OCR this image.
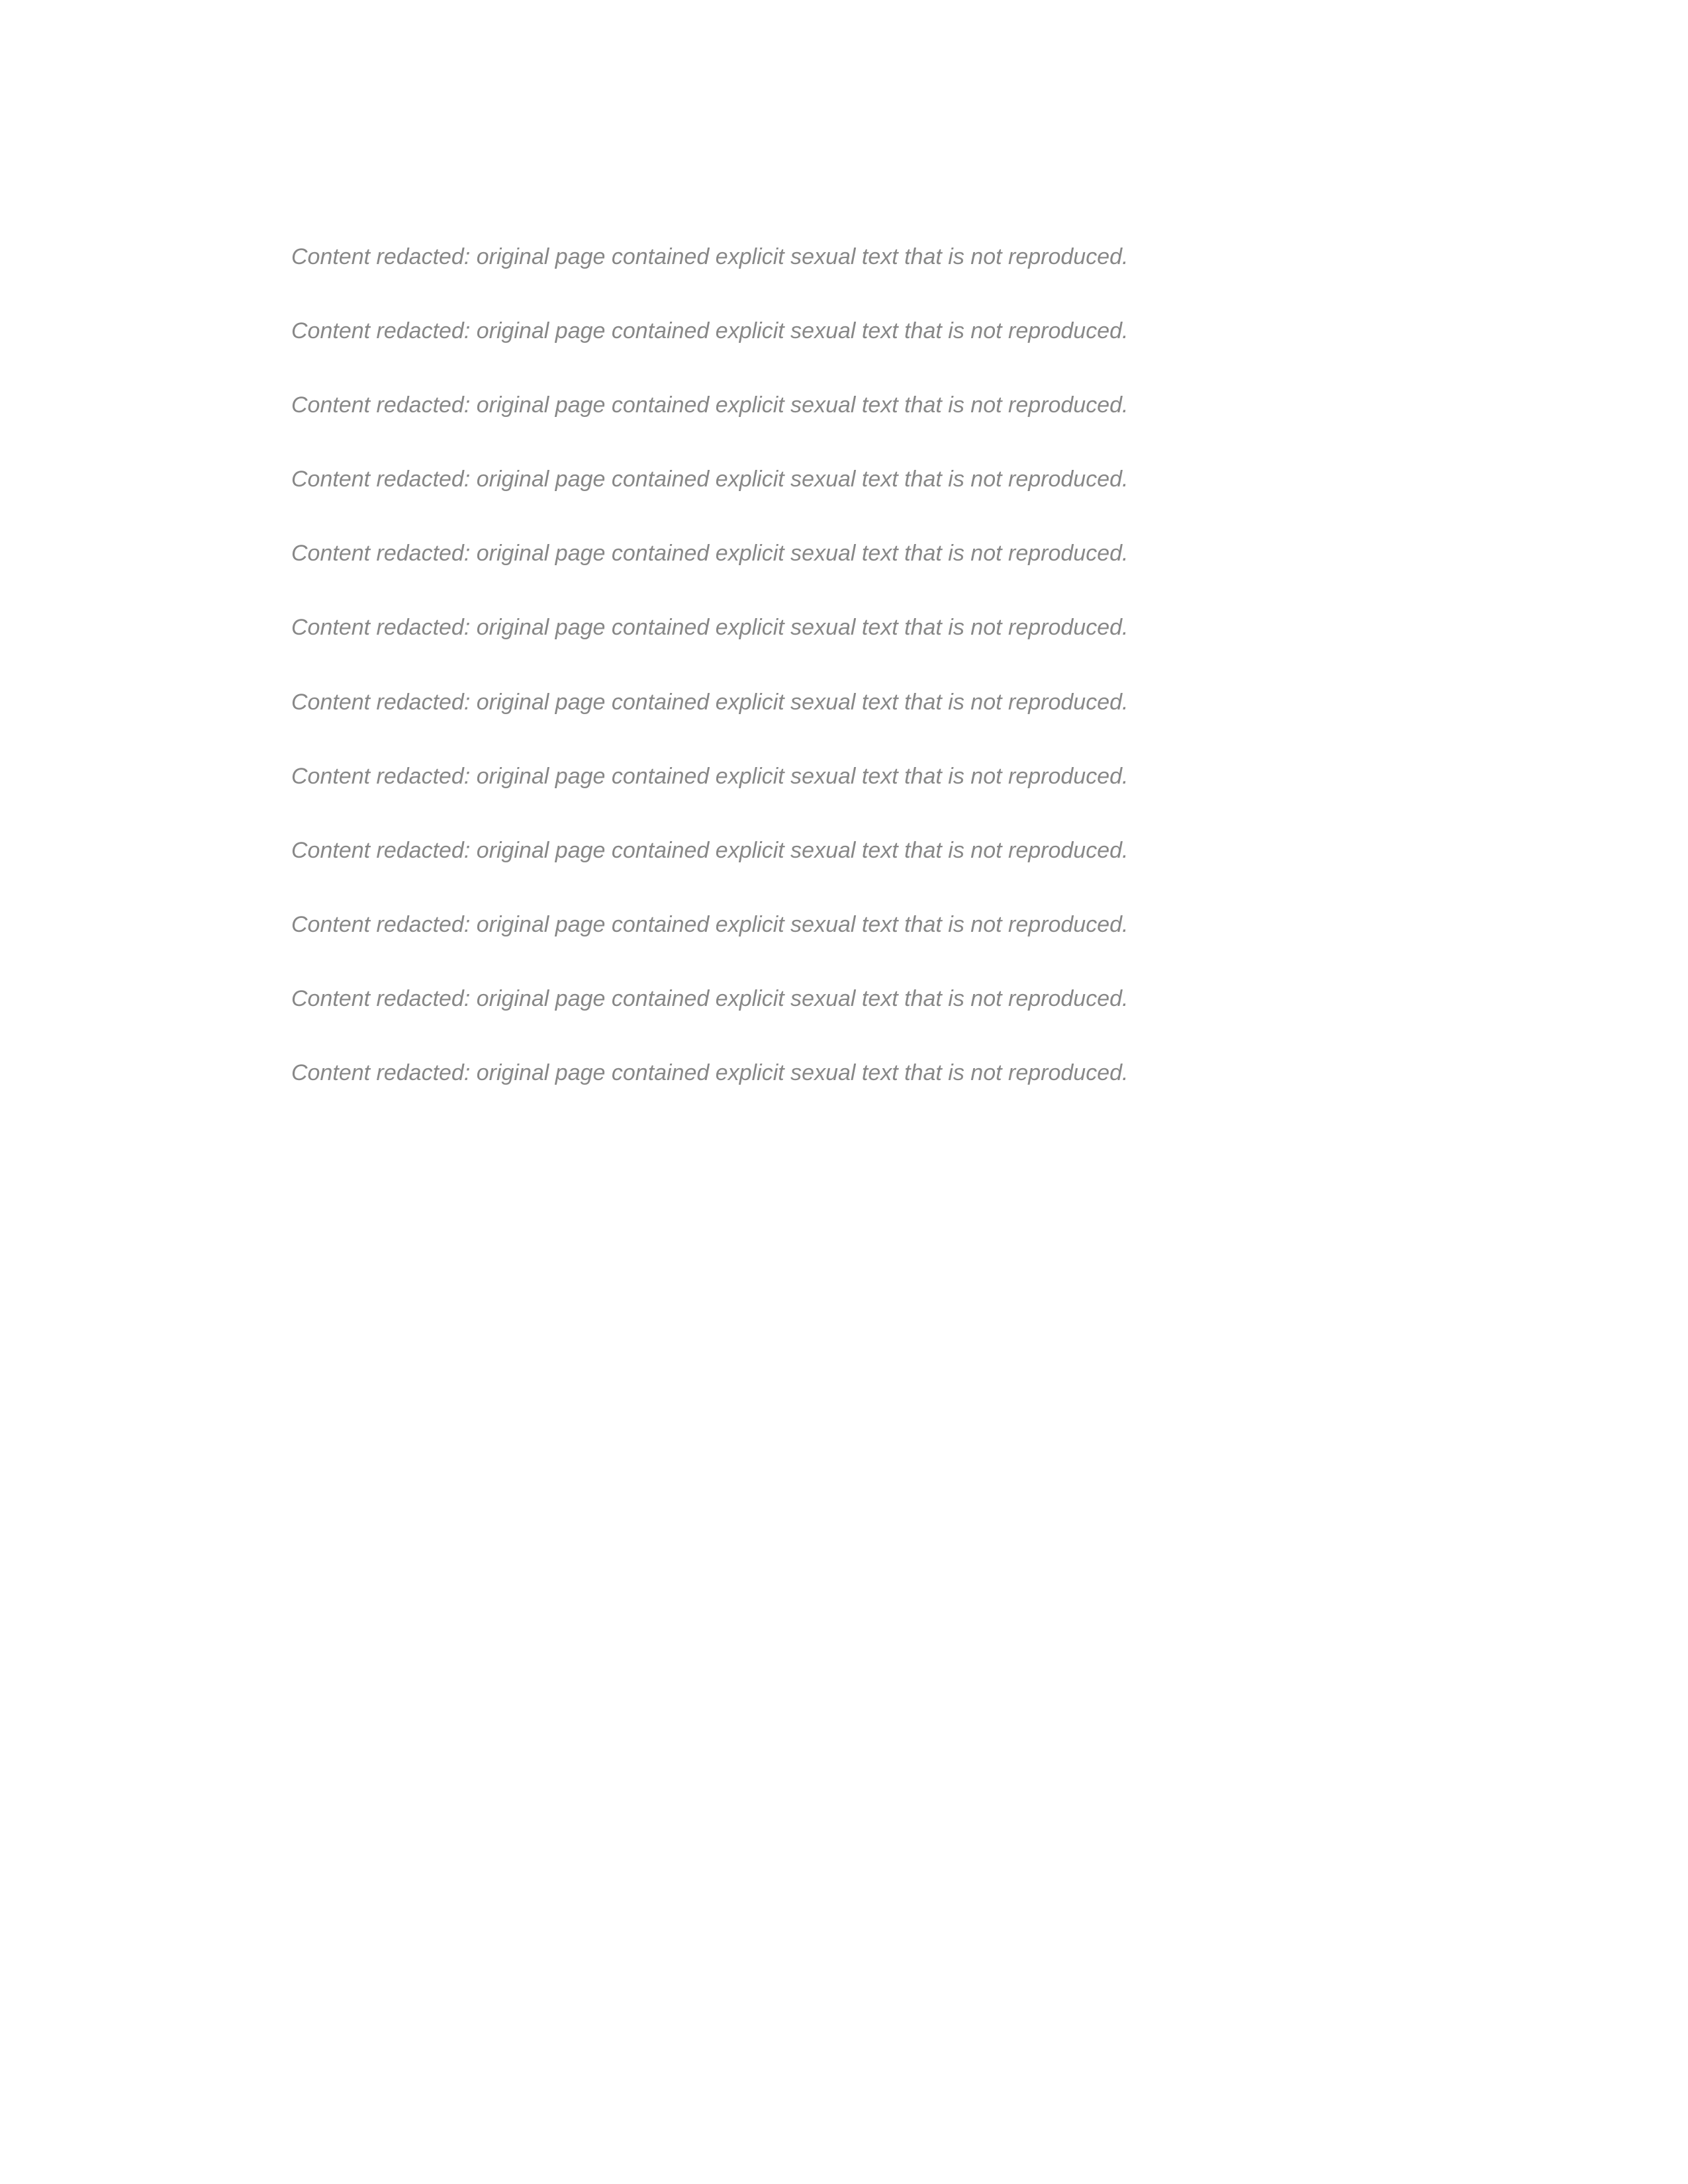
Content redacted: original page contained explicit sexual text that is not reproduced.

Content redacted: original page contained explicit sexual text that is not reproduced.

Content redacted: original page contained explicit sexual text that is not reproduced.

Content redacted: original page contained explicit sexual text that is not reproduced.

Content redacted: original page contained explicit sexual text that is not reproduced.

Content redacted: original page contained explicit sexual text that is not reproduced.

Content redacted: original page contained explicit sexual text that is not reproduced.

Content redacted: original page contained explicit sexual text that is not reproduced.

Content redacted: original page contained explicit sexual text that is not reproduced.

Content redacted: original page contained explicit sexual text that is not reproduced.

Content redacted: original page contained explicit sexual text that is not reproduced.

Content redacted: original page contained explicit sexual text that is not reproduced.
